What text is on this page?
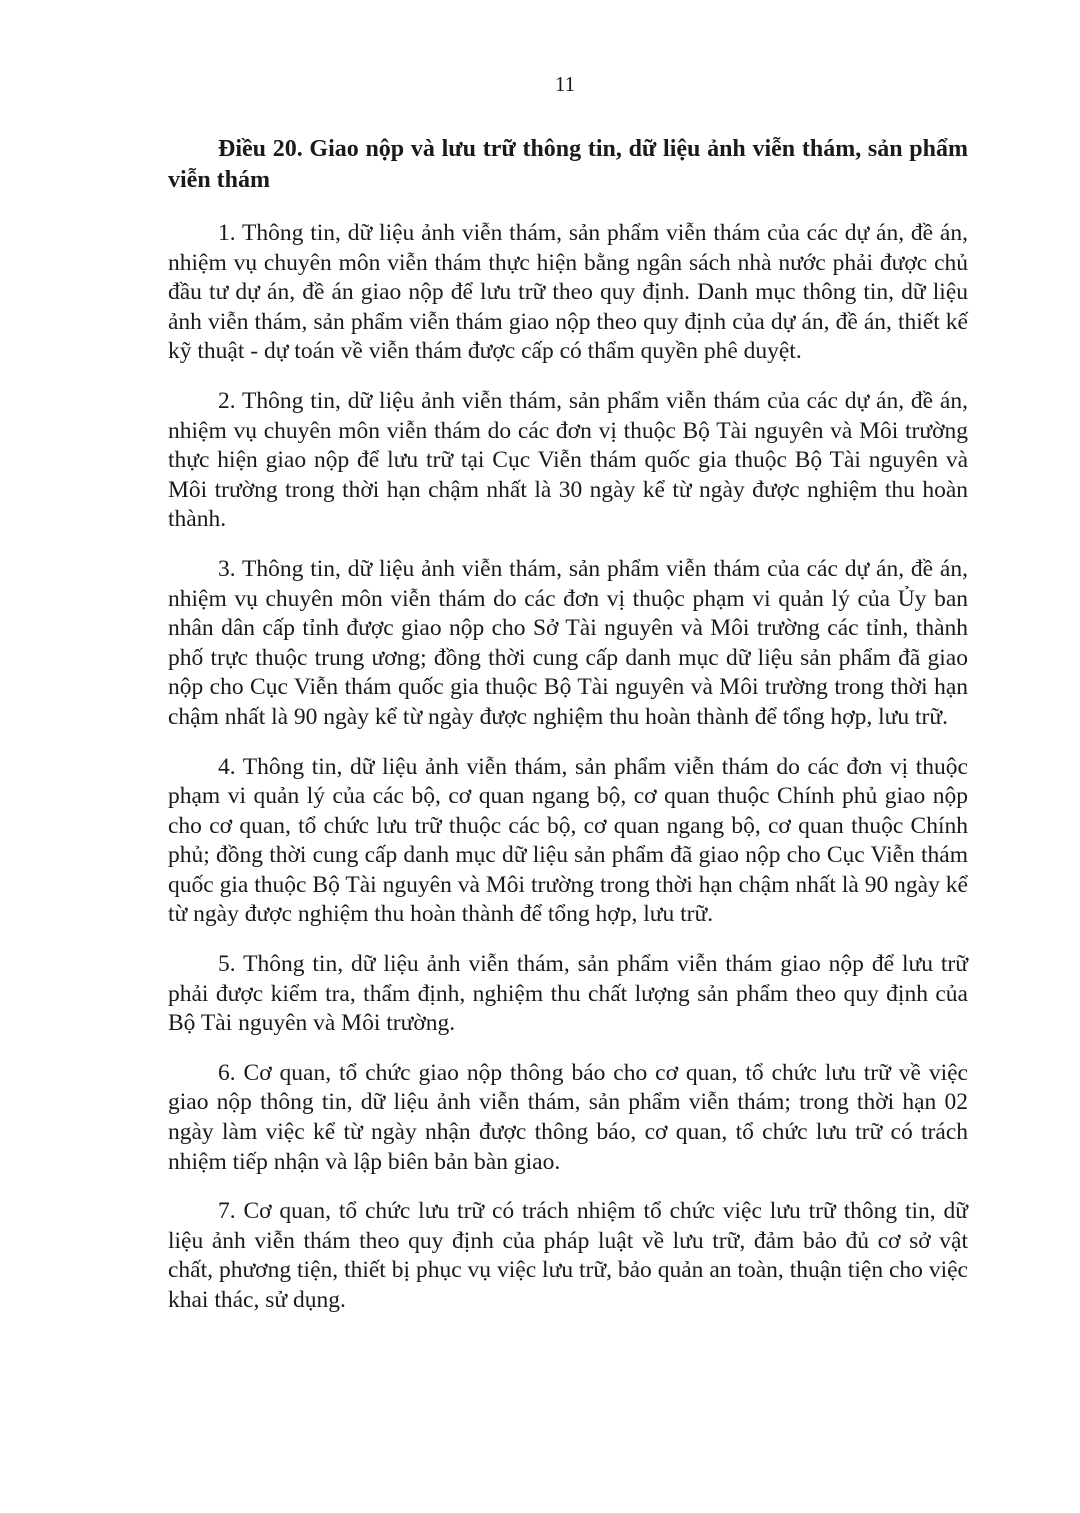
11
Điều 20. Giao nộp và lưu trữ thông tin, dữ liệu ảnh viễn thám, sản phẩm viễn thám

1. Thông tin, dữ liệu ảnh viễn thám, sản phẩm viễn thám của các dự án, đề án, nhiệm vụ chuyên môn viễn thám thực hiện bằng ngân sách nhà nước phải được chủ đầu tư dự án, đề án giao nộp để lưu trữ theo quy định. Danh mục thông tin, dữ liệu ảnh viễn thám, sản phẩm viễn thám giao nộp theo quy định của dự án, đề án, thiết kế kỹ thuật - dự toán về viễn thám được cấp có thẩm quyền phê duyệt.

2. Thông tin, dữ liệu ảnh viễn thám, sản phẩm viễn thám của các dự án, đề án, nhiệm vụ chuyên môn viễn thám do các đơn vị thuộc Bộ Tài nguyên và Môi trường thực hiện giao nộp để lưu trữ tại Cục Viễn thám quốc gia thuộc Bộ Tài nguyên và Môi trường trong thời hạn chậm nhất là 30 ngày kể từ ngày được nghiệm thu hoàn thành.

3. Thông tin, dữ liệu ảnh viễn thám, sản phẩm viễn thám của các dự án, đề án, nhiệm vụ chuyên môn viễn thám do các đơn vị thuộc phạm vi quản lý của Ủy ban nhân dân cấp tỉnh được giao nộp cho Sở Tài nguyên và Môi trường các tỉnh, thành phố trực thuộc trung ương; đồng thời cung cấp danh mục dữ liệu sản phẩm đã giao nộp cho Cục Viễn thám quốc gia thuộc Bộ Tài nguyên và Môi trường trong thời hạn chậm nhất là 90 ngày kể từ ngày được nghiệm thu hoàn thành để tổng hợp, lưu trữ.

4. Thông tin, dữ liệu ảnh viễn thám, sản phẩm viễn thám do các đơn vị thuộc phạm vi quản lý của các bộ, cơ quan ngang bộ, cơ quan thuộc Chính phủ giao nộp cho cơ quan, tổ chức lưu trữ thuộc các bộ, cơ quan ngang bộ, cơ quan thuộc Chính phủ; đồng thời cung cấp danh mục dữ liệu sản phẩm đã giao nộp cho Cục Viễn thám quốc gia thuộc Bộ Tài nguyên và Môi trường trong thời hạn chậm nhất là 90 ngày kể từ ngày được nghiệm thu hoàn thành để tổng hợp, lưu trữ.

5. Thông tin, dữ liệu ảnh viễn thám, sản phẩm viễn thám giao nộp để lưu trữ phải được kiểm tra, thẩm định, nghiệm thu chất lượng sản phẩm theo quy định của Bộ Tài nguyên và Môi trường.

6. Cơ quan, tổ chức giao nộp thông báo cho cơ quan, tổ chức lưu trữ về việc giao nộp thông tin, dữ liệu ảnh viễn thám, sản phẩm viễn thám; trong thời hạn 02 ngày làm việc kể từ ngày nhận được thông báo, cơ quan, tổ chức lưu trữ có trách nhiệm tiếp nhận và lập biên bản bàn giao.

7. Cơ quan, tổ chức lưu trữ có trách nhiệm tổ chức việc lưu trữ thông tin, dữ liệu ảnh viễn thám theo quy định của pháp luật về lưu trữ, đảm bảo đủ cơ sở vật chất, phương tiện, thiết bị phục vụ việc lưu trữ, bảo quản an toàn, thuận tiện cho việc khai thác, sử dụng.
